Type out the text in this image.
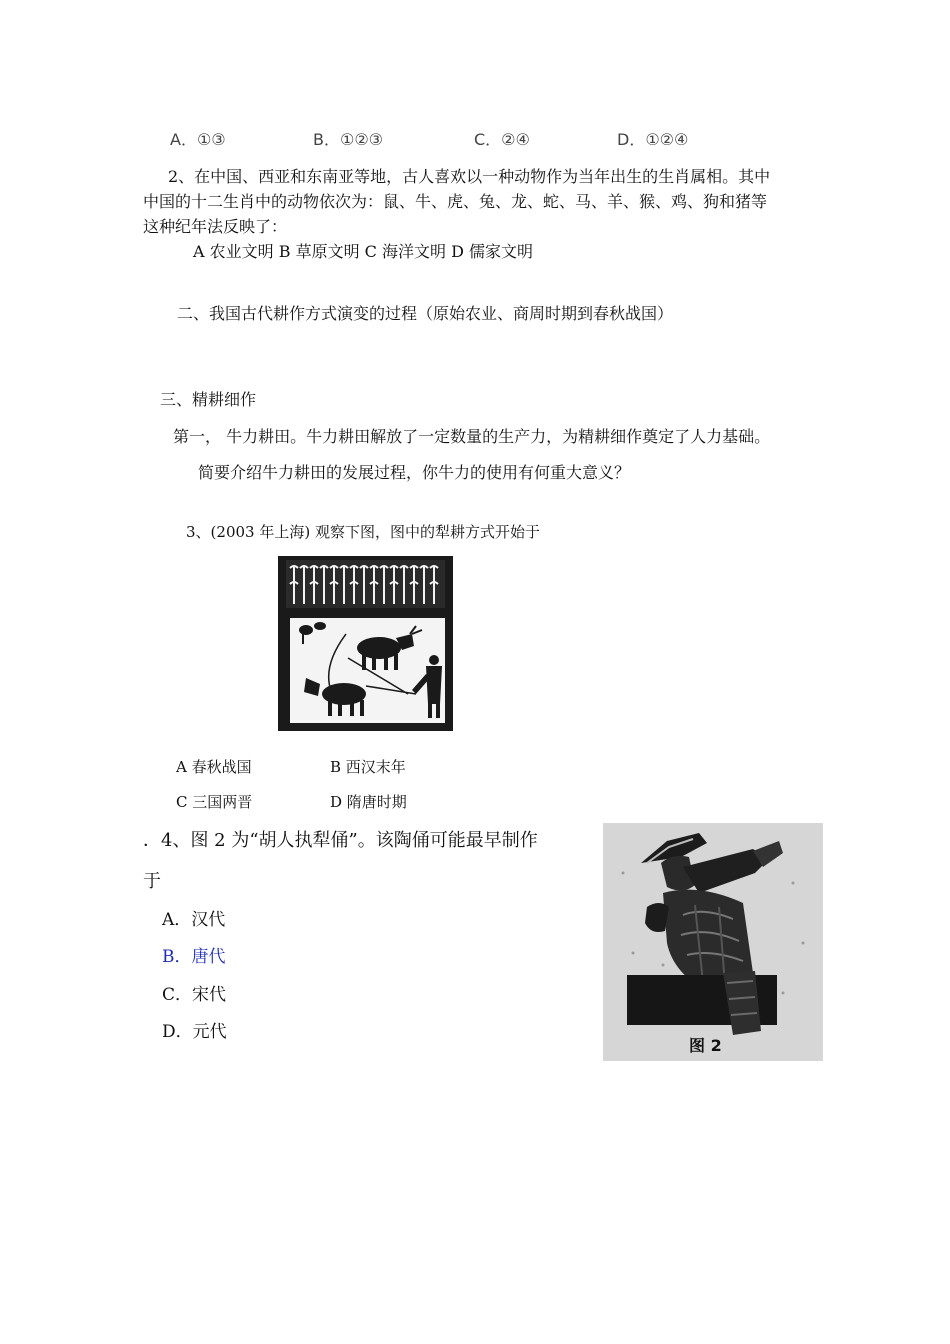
A．①③	B．①②③	C．②④	D．①②④
2、在中国、西亚和东南亚等地，古人喜欢以一种动物作为当年出生的生肖属相。其中
中国的十二生肖中的动物依次为：鼠、牛、虎、兔、龙、蛇、马、羊、猴、鸡、狗和猪等
这种纪年法反映了：
A 农业文明 B 草原文明 C 海洋文明 D 儒家文明
二、我国古代耕作方式演变的过程（原始农业、商周时期到春秋战国）
三、精耕细作
第一， 牛力耕田。牛力耕田解放了一定数量的生产力，为精耕细作奠定了人力基础。
简要介绍牛力耕田的发展过程，你牛力的使用有何重大意义？
3、(2003 年上海) 观察下图，图中的犁耕方式开始于
A 春秋战国	B 西汉末年
C 三国两晋	D 隋唐时期
．4、图 2 为“胡人执犁俑”。该陶俑可能最早制作
于
A．汉代
B．唐代
C．宋代
D．元代
图 2
